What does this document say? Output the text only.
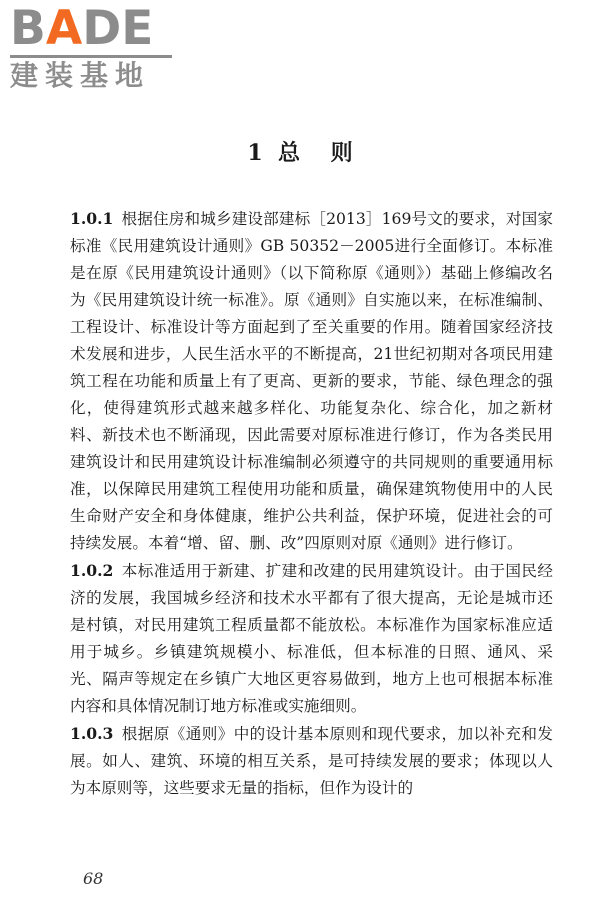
BADE
建装基地
1  总    则

1.0.1 根据住房和城乡建设部建标［2013］169号文的要求，对国家标准《民用建筑设计通则》GB 50352－2005进行全面修订。本标准是在原《民用建筑设计通则》（以下简称原《通则》）基础上修编改名为《民用建筑设计统一标准》。原《通则》自实施以来，在标准编制、工程设计、标准设计等方面起到了至关重要的作用。随着国家经济技术发展和进步，人民生活水平的不断提高，21世纪初期对各项民用建筑工程在功能和质量上有了更高、更新的要求，节能、绿色理念的强化，使得建筑形式越来越多样化、功能复杂化、综合化，加之新材料、新技术也不断涌现，因此需要对原标准进行修订，作为各类民用建筑设计和民用建筑设计标准编制必须遵守的共同规则的重要通用标准，以保障民用建筑工程使用功能和质量，确保建筑物使用中的人民生命财产安全和身体健康，维护公共利益，保护环境，促进社会的可持续发展。本着“增、留、删、改”四原则对原《通则》进行修订。

1.0.2 本标准适用于新建、扩建和改建的民用建筑设计。由于国民经济的发展，我国城乡经济和技术水平都有了很大提高，无论是城市还是村镇，对民用建筑工程质量都不能放松。本标准作为国家标准应适用于城乡。乡镇建筑规模小、标准低，但本标准的日照、通风、采光、隔声等规定在乡镇广大地区更容易做到，地方上也可根据本标准内容和具体情况制订地方标准或实施细则。

1.0.3 根据原《通则》中的设计基本原则和现代要求，加以补充和发展。如人、建筑、环境的相互关系，是可持续发展的要求；体现以人为本原则等，这些要求无量的指标，但作为设计的

68
